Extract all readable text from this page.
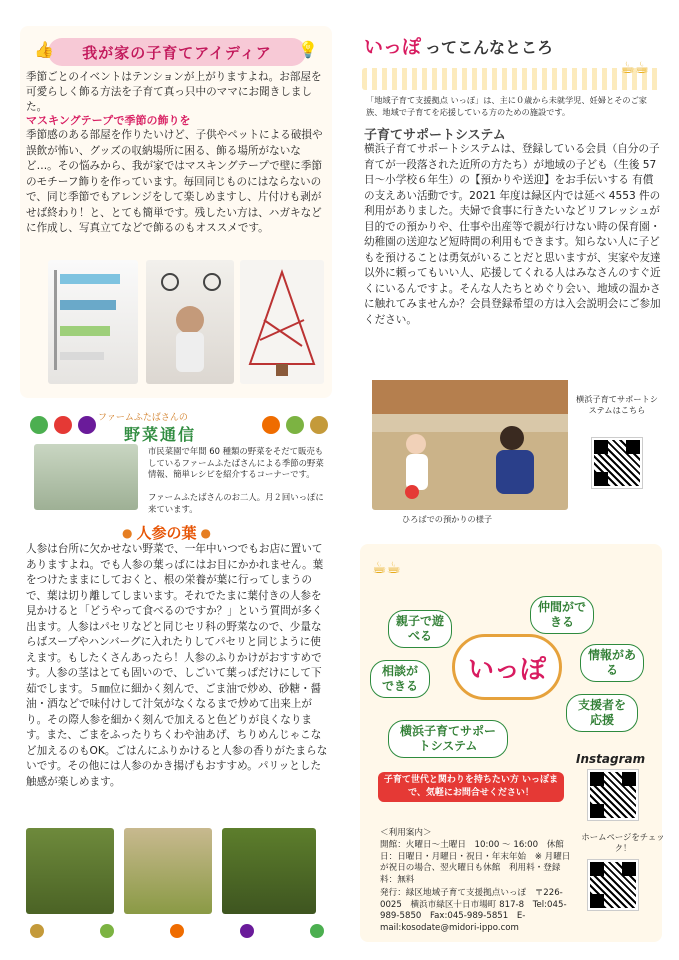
👍 我が家の子育てアイディア 💡
季節ごとのイベントはテンションが上がりますよね。お部屋を可愛らしく飾る方法を子育て真っ只中のママにお聞きしました。
マスキングテープで季節の飾りを
季節感のある部屋を作りたいけど、子供やペットによる破損や誤飲が怖い、グッズの収納場所に困る、飾る場所がないなど…。その悩みから、我が家ではマスキングテープで壁に季節のモチーフ飾りを作っています。毎回同じものにはならないので、同じ季節でもアレンジをして楽しめますし、片付けも剥がせば終わり！と、とても簡単です。残したい方は、ハガキなどに作成し、写真立てなどで飾るのもオススメです。
ファームふたばさんの
野菜通信
市民菜園で年間 60 種類の野菜をそだて販売もしているファームふたばさんによる季節の野菜情報、簡単レシピを紹介するコーナーです。
ファームふたばさんのお二人。月２回いっぽに来ています。
● 人参の葉 ●
人参は台所に欠かせない野菜で、一年中いつでもお店に置いてありますよね。でも人参の葉っぱにはお目にかかれません。葉をつけたままにしておくと、根の栄養が葉に行ってしまうので、葉は切り離してしまいます。それでたまに葉付きの人参を見かけると「どうやって食べるのですか？」という質問が多く出ます。人参はパセリなどと同じセリ科の野菜なので、少量ならばスープやハンバーグに入れたりしてパセリと同じように使えます。もしたくさんあったら！人参のふりかけがおすすめです。人参の茎はとても固いので、しごいて葉っぱだけにして下茹でします。５㎜位に細かく刻んで、ごま油で炒め、砂糖・醤油・酒などで味付けして汁気がなくなるまで炒めて出来上がり。その際人参を細かく刻んで加えると色どりが良くなります。また、ごまをふったりちくわや油あげ、ちりめんじゃこなど加えるのもOK。ごはんにふりかけると人参の香りがたまらないです。その他には人参のかき揚げもおすすめ。パリッとした触感が楽しめます。
いっぽ ってこんなところ
☕☕
「地域子育て支援拠点 いっぽ」は、主に０歳から未就学児、妊婦とそのご家族、地域で子育てを応援している方のための施設です。
子育てサポートシステム
横浜子育てサポートシステムは、登録している会員（自分の子育てが一段落された近所の方たち）が地域の子ども（生後 57 日～小学校６年生）の【預かりや送迎】をお手伝いする 有償の支えあい活動です。2021 年度は緑区内では延べ 4553 件の利用がありました。夫婦で食事に行きたいなどリフレッシュが目的での預かりや、仕事や出産等で親が行けない時の保育園・幼稚園の送迎など短時間の利用もできます。知らない人に子どもを預けることは勇気がいることだと思いますが、実家や友達以外に頼ってもいい人、応援してくれる人はみなさんのすぐ近くにいるんですよ。そんな人たちとめぐり会い、地域の温かさに触れてみませんか？会員登録希望の方は入会説明会にご参加ください。
ひろばでの預かりの様子
横浜子育てサポートシステムはこちら
☕☕
親子で遊べる
仲間ができる
相談ができる
情報がある
支援者を応援
横浜子育てサポートシステム
いっぽ
Instagram
子育て世代と関わりを持ちたい方 いっぽまで、気軽にお問合せください！
＜利用案内＞
開館：火曜日～土曜日　10:00 ～ 16:00　休館日：日曜日・月曜日・祝日・年末年始　※ 月曜日が祝日の場合、翌火曜日も休館　利用料・登録料：無料
ホームページをチェック！
発行：緑区地域子育て支援拠点いっぽ　〒226-0025　横浜市緑区十日市場町 817-8　Tel:045-989-5850　Fax:045-989-5851　E-mail:kosodate@midori-ippo.com
